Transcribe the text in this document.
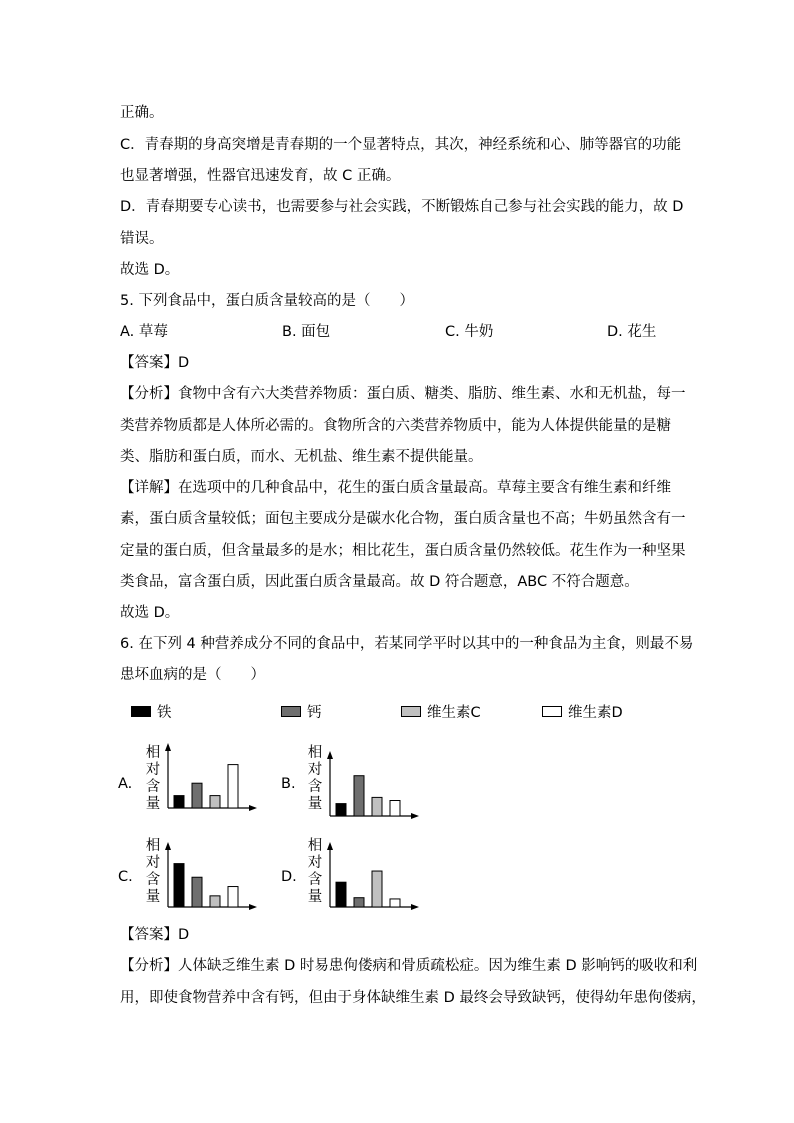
正确。
C．青春期的身高突增是青春期的一个显著特点，其次，神经系统和心、肺等器官的功能
也显著增强，性器官迅速发育，故 C 正确。
D．青春期要专心读书，也需要参与社会实践，不断锻炼自己参与社会实践的能力，故 D
错误。
故选 D。
5. 下列食品中，蛋白质含量较高的是（　　）
A. 草莓	B. 面包	C. 牛奶	D. 花生
【答案】D
【分析】食物中含有六大类营养物质：蛋白质、糖类、脂肪、维生素、水和无机盐，每一
类营养物质都是人体所必需的。食物所含的六类营养物质中，能为人体提供能量的是糖
类、脂肪和蛋白质，而水、无机盐、维生素不提供能量。
【详解】在选项中的几种食品中，花生的蛋白质含量最高。草莓主要含有维生素和纤维
素，蛋白质含量较低；面包主要成分是碳水化合物，蛋白质含量也不高；牛奶虽然含有一
定量的蛋白质，但含量最多的是水；相比花生，蛋白质含量仍然较低。花生作为一种坚果
类食品，富含蛋白质，因此蛋白质含量最高。故 D 符合题意，ABC 不符合题意。
故选 D。
6. 在下列 4 种营养成分不同的食品中，若某同学平时以其中的一种食品为主食，则最不易
患坏血病的是（　　）
铁	钙	维生素C	维生素D
A.
相
对
含
量
B.
相
对
含
量
C.
相
对
含
量
D.
相
对
含
量
【答案】D
【分析】人体缺乏维生素 D 时易患佝偻病和骨质疏松症。因为维生素 D 影响钙的吸收和利
用，即使食物营养中含有钙，但由于身体缺维生素 D 最终会导致缺钙，使得幼年患佝偻病，
